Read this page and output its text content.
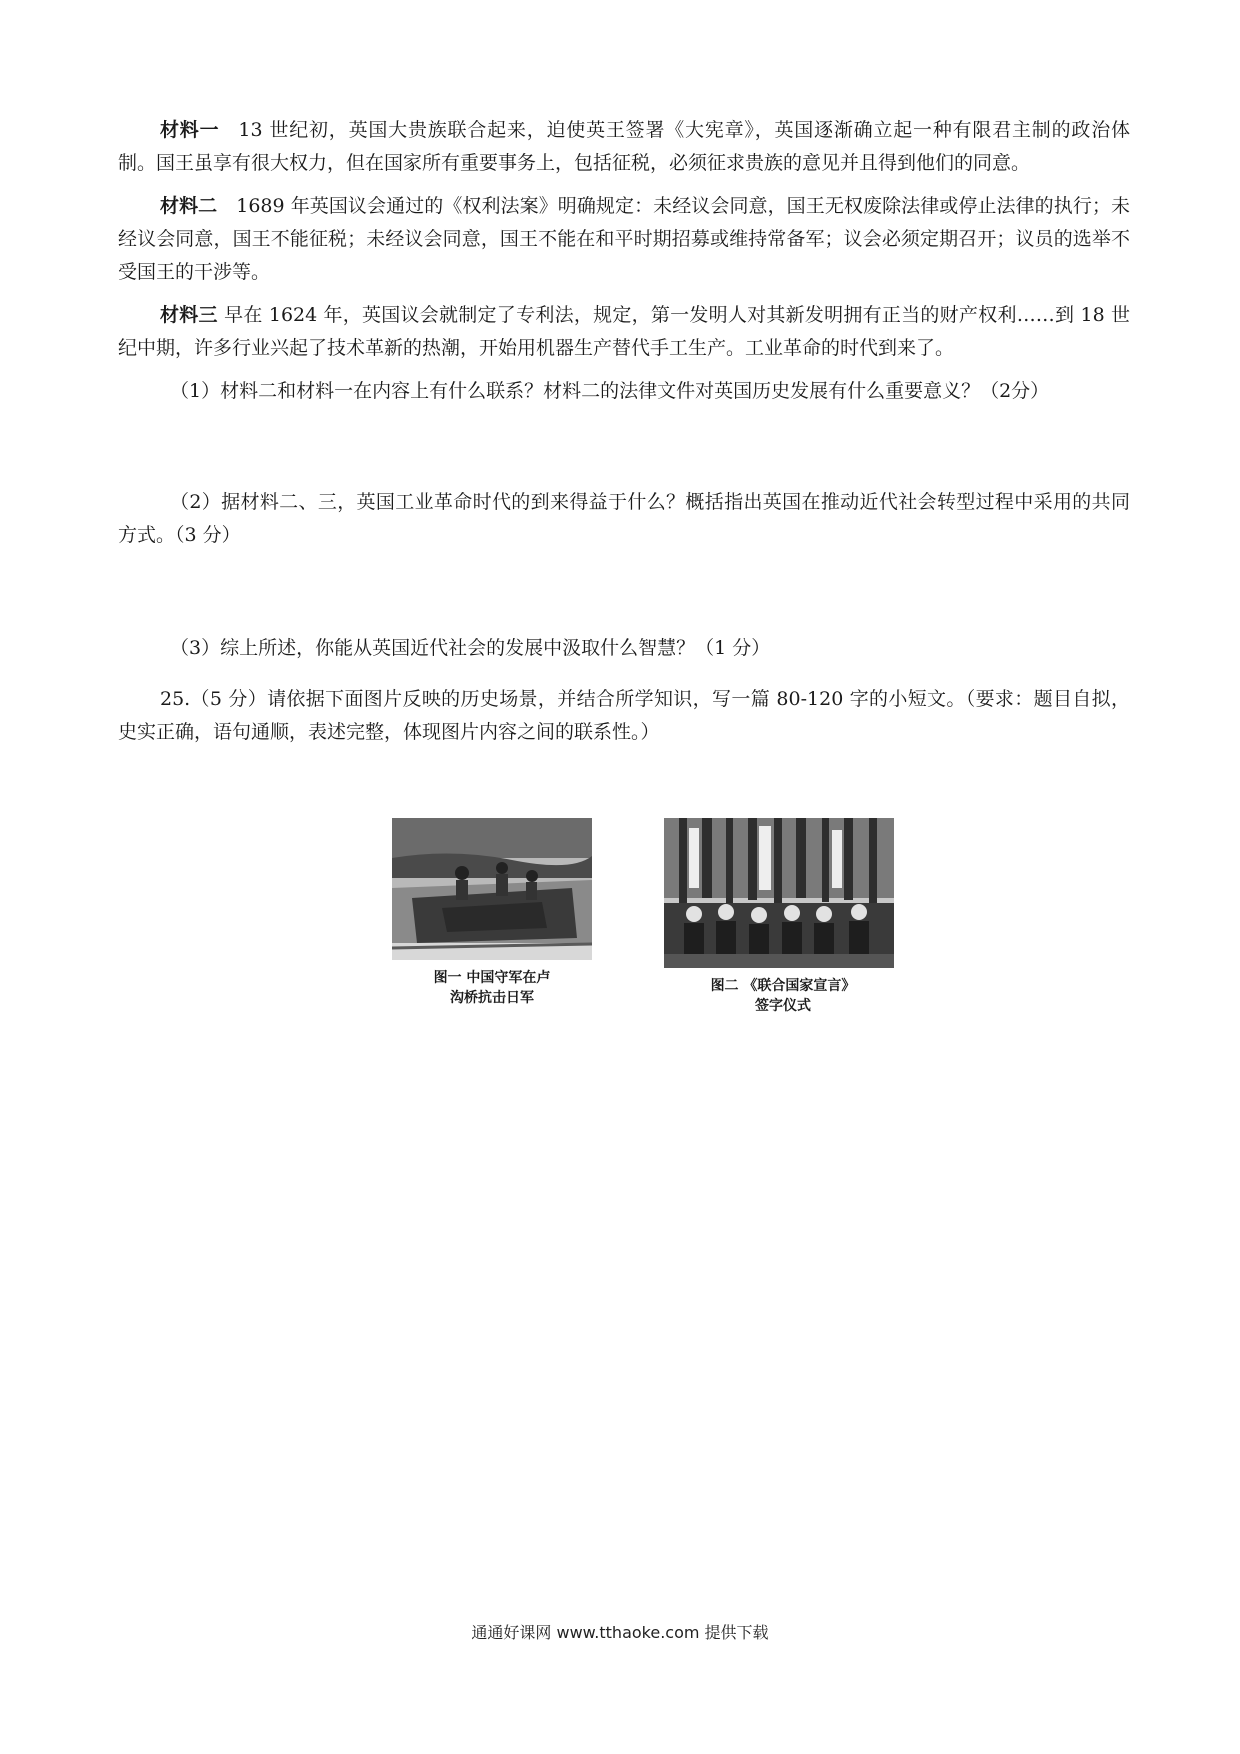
材料一  13 世纪初，英国大贵族联合起来，迫使英王签署《大宪章》，英国逐渐确立起一种有限君主制的政治体制。国王虽享有很大权力，但在国家所有重要事务上，包括征税，必须征求贵族的意见并且得到他们的同意。

材料二  1689 年英国议会通过的《权利法案》明确规定：未经议会同意，国王无权废除法律或停止法律的执行；未经议会同意，国王不能征税；未经议会同意，国王不能在和平时期招募或维持常备军；议会必须定期召开；议员的选举不受国王的干涉等。

材料三 早在 1624 年，英国议会就制定了专利法，规定，第一发明人对其新发明拥有正当的财产权利……到 18 世纪中期，许多行业兴起了技术革新的热潮，开始用机器生产替代手工生产。工业革命的时代到来了。

（1）材料二和材料一在内容上有什么联系？材料二的法律文件对英国历史发展有什么重要意义？（2分）

（2）据材料二、三，英国工业革命时代的到来得益于什么？概括指出英国在推动近代社会转型过程中采用的共同方式。（3 分）

（3）综上所述，你能从英国近代社会的发展中汲取什么智慧？（1 分）

25.（5 分）请依据下面图片反映的历史场景，并结合所学知识，写一篇 80-120 字的小短文。（要求：题目自拟，史实正确，语句通顺，表述完整，体现图片内容之间的联系性。）

图一 中国守军在卢
沟桥抗击日军
图二 《联合国家宣言》
签字仪式
通通好课网 www.tthaoke.com 提供下载
